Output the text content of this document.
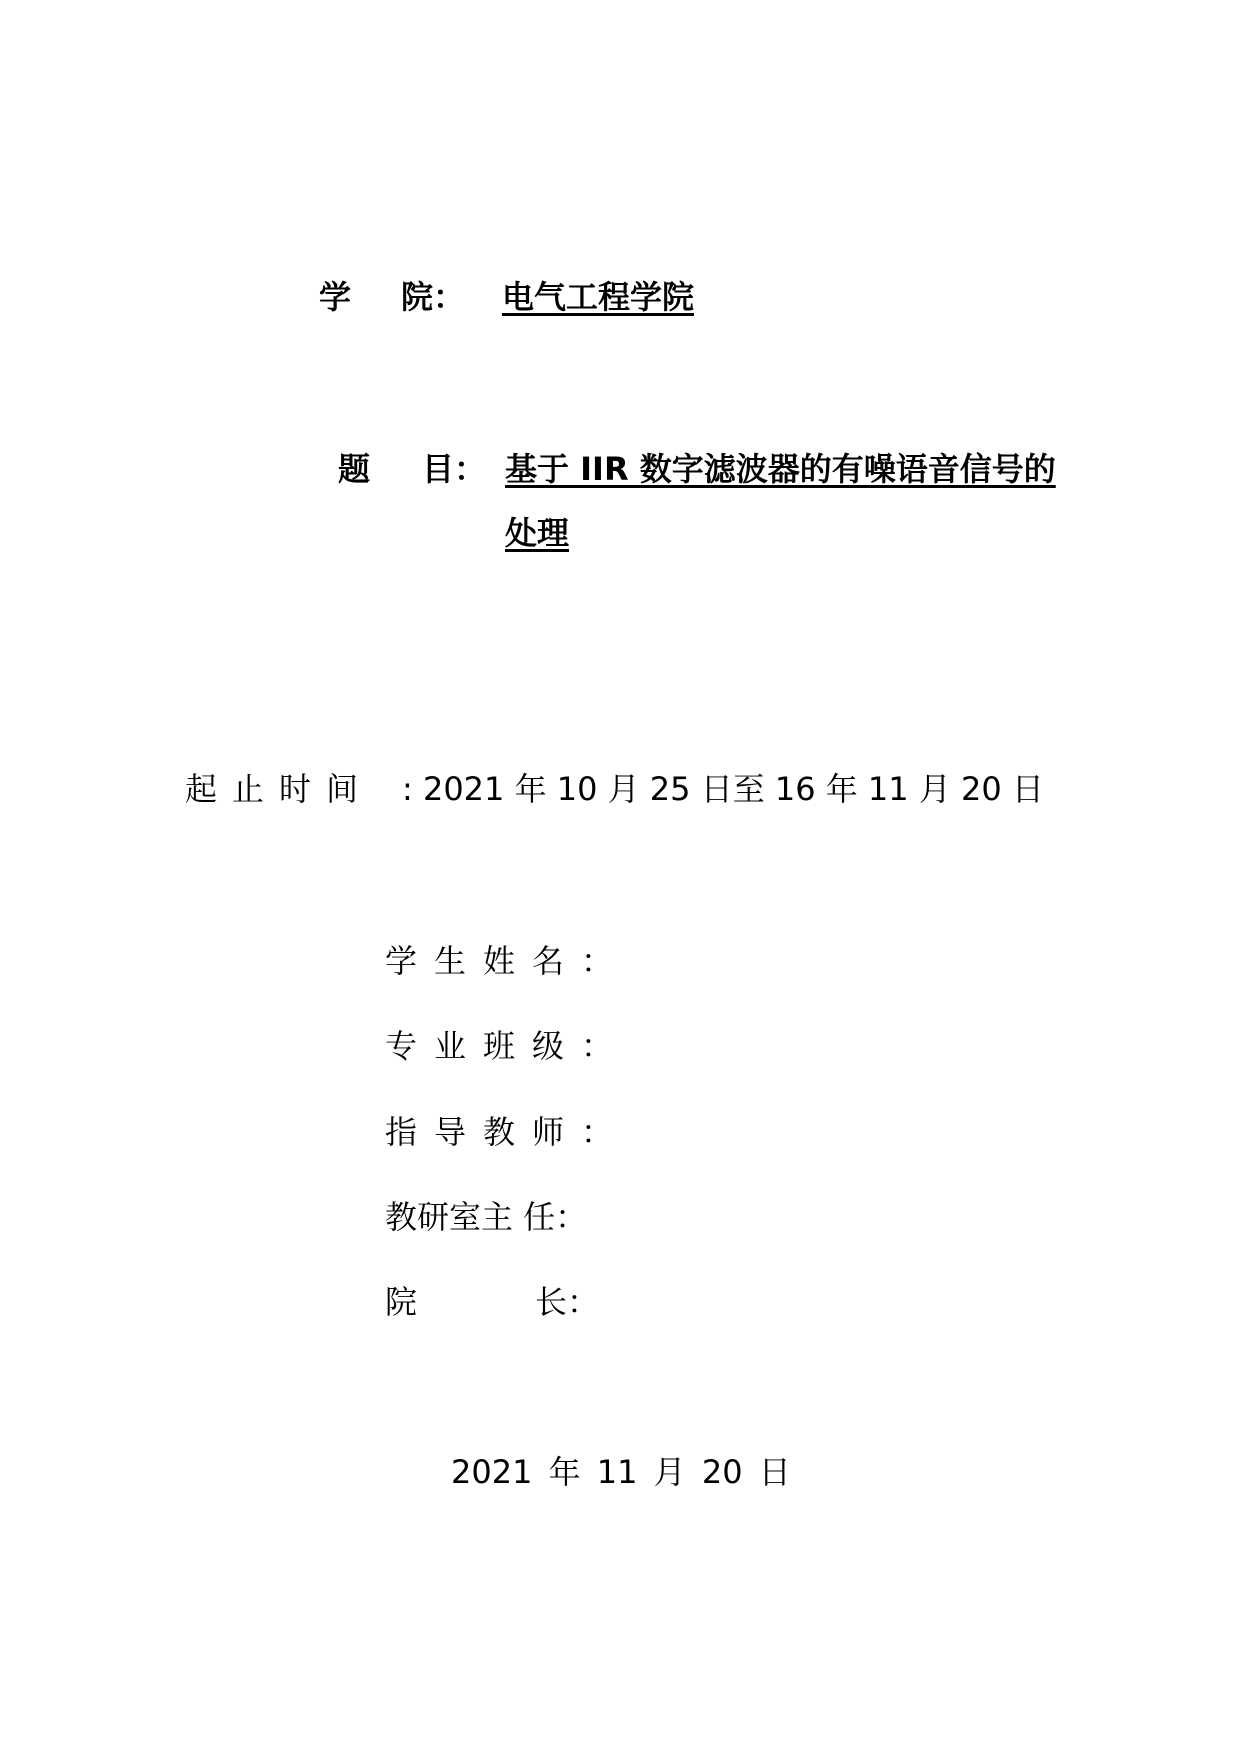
学 院：	电气工程学院
题 目： 基于 IIR 数字滤波器的有噪语音信号的
处理
起止时间 : 2021 年 10 月 25 日至 16 年 11 月 20 日
学生姓名：
专业班级：
指导教师：
教研室主 任：
院	长：
2021 年 11 月 20 日
